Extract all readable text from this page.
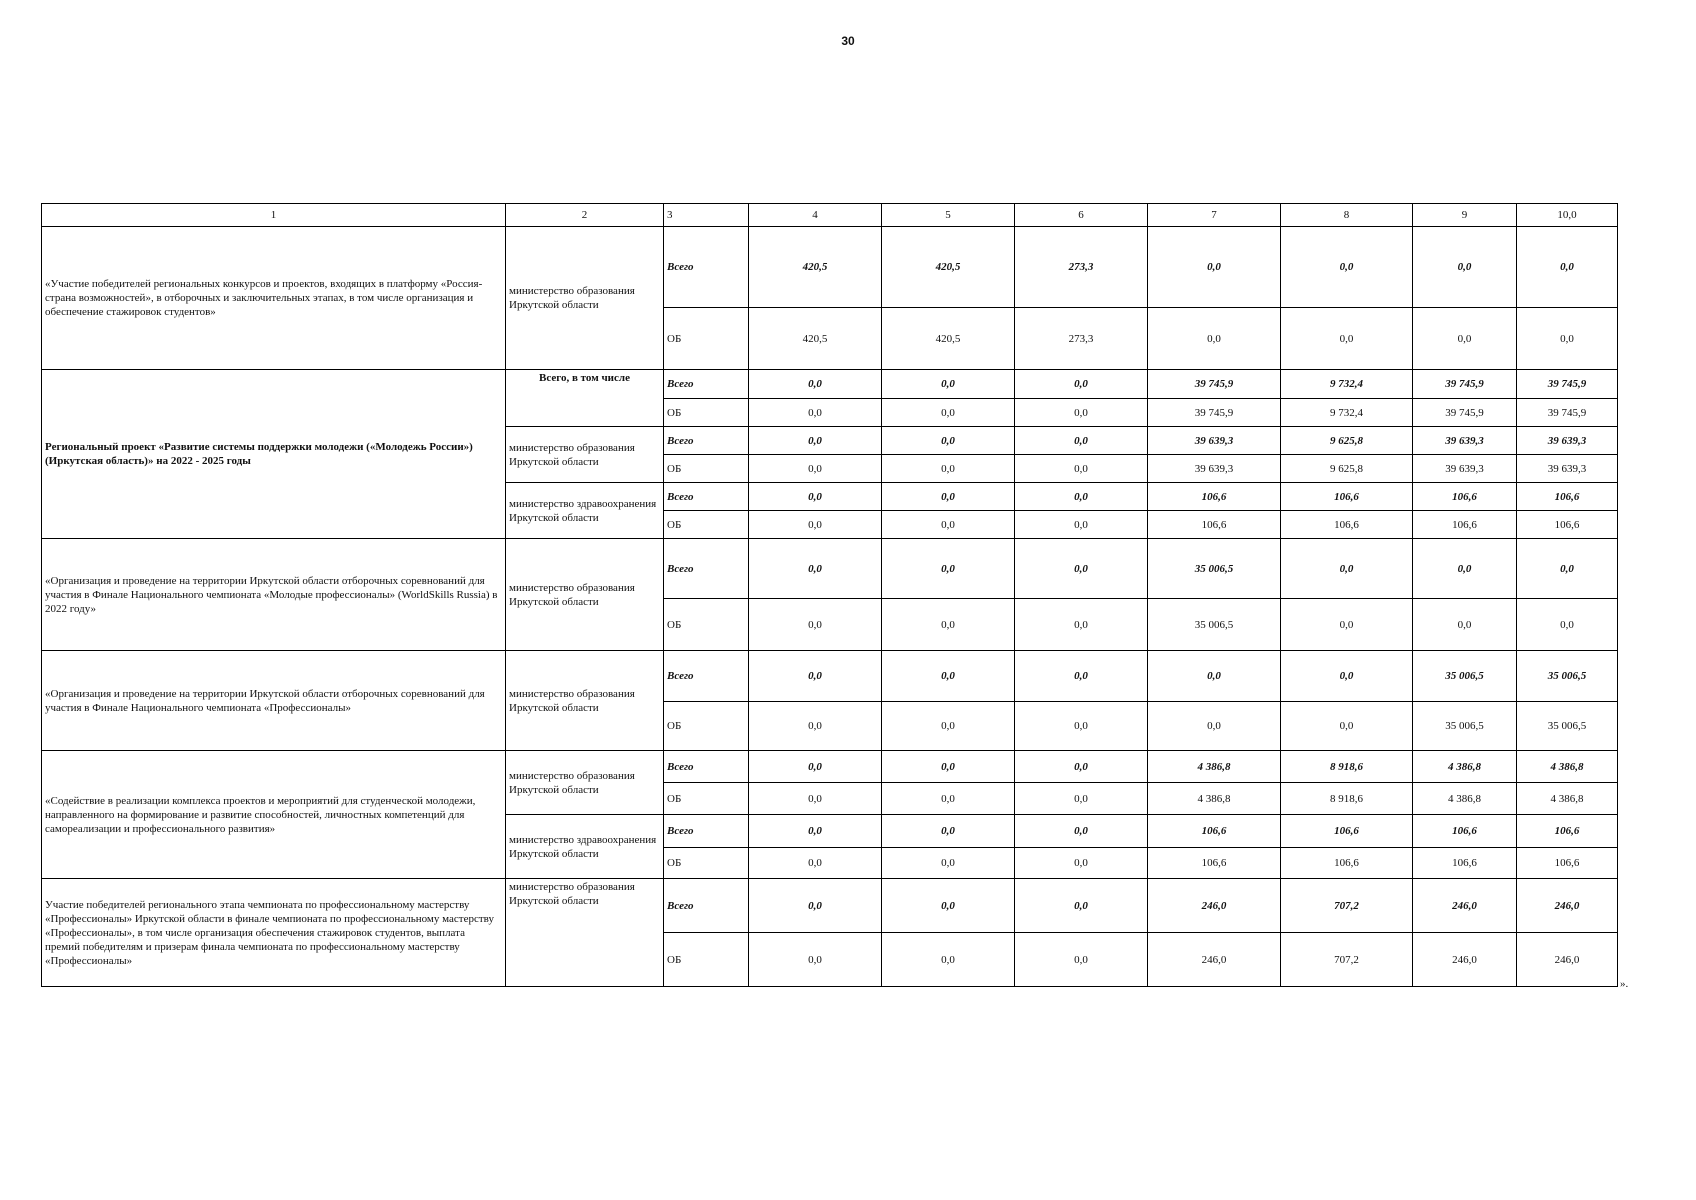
30
1	2	3	4	5	6	7	8	9	10,0
«Участие победителей региональных конкурсов и проектов, входящих в платформу «Россия- страна возможностей», в отборочных и заключительных этапах, в том числе организация и обеспечение стажировок студентов»	министерство образования Иркутской области	Всего	420,5	420,5	273,3	0,0	0,0	0,0	0,0
		ОБ	420,5	420,5	273,3	0,0	0,0	0,0	0,0
Региональный проект «Развитие системы поддержки молодежи («Молодежь России») (Иркутская область)» на 2022 - 2025 годы	Всего, в том числе	Всего	0,0	0,0	0,0	39 745,9	9 732,4	39 745,9	39 745,9
		ОБ	0,0	0,0	0,0	39 745,9	9 732,4	39 745,9	39 745,9
	министерство образования Иркутской области	Всего	0,0	0,0	0,0	39 639,3	9 625,8	39 639,3	39 639,3
		ОБ	0,0	0,0	0,0	39 639,3	9 625,8	39 639,3	39 639,3
	министерство здравоохранения Иркутской области	Всего	0,0	0,0	0,0	106,6	106,6	106,6	106,6
		ОБ	0,0	0,0	0,0	106,6	106,6	106,6	106,6
«Организация и проведение на территории Иркутской области отборочных соревнований для участия в Финале Национального чемпионата «Молодые профессионалы» (WorldSkills Russia) в 2022 году»	министерство образования Иркутской области	Всего	0,0	0,0	0,0	35 006,5	0,0	0,0	0,0
		ОБ	0,0	0,0	0,0	35 006,5	0,0	0,0	0,0
«Организация и проведение на территории Иркутской области отборочных соревнований для участия в Финале Национального чемпионата «Профессионалы»	министерство образования Иркутской области	Всего	0,0	0,0	0,0	0,0	0,0	35 006,5	35 006,5
		ОБ	0,0	0,0	0,0	0,0	0,0	35 006,5	35 006,5
«Содействие в реализации комплекса проектов и мероприятий для студенческой молодежи, направленного на формирование и развитие способностей, личностных компетенций для самореализации и профессионального развития»	министерство образования Иркутской области	Всего	0,0	0,0	0,0	4 386,8	8 918,6	4 386,8	4 386,8
		ОБ	0,0	0,0	0,0	4 386,8	8 918,6	4 386,8	4 386,8
	министерство здравоохранения Иркутской области	Всего	0,0	0,0	0,0	106,6	106,6	106,6	106,6
		ОБ	0,0	0,0	0,0	106,6	106,6	106,6	106,6
Участие победителей регионального этапа чемпионата по профессиональному мастерству «Профессионалы» Иркутской области в финале чемпионата по профессиональному мастерству «Профессионалы», в том числе организация обеспечения стажировок студентов, выплата премий победителям и призерам финала чемпионата по профессиональному мастерству «Профессионалы»	министерство образования Иркутской области	Всего	0,0	0,0	0,0	246,0	707,2	246,0	246,0
		ОБ	0,0	0,0	0,0	246,0	707,2	246,0	246,0
».
